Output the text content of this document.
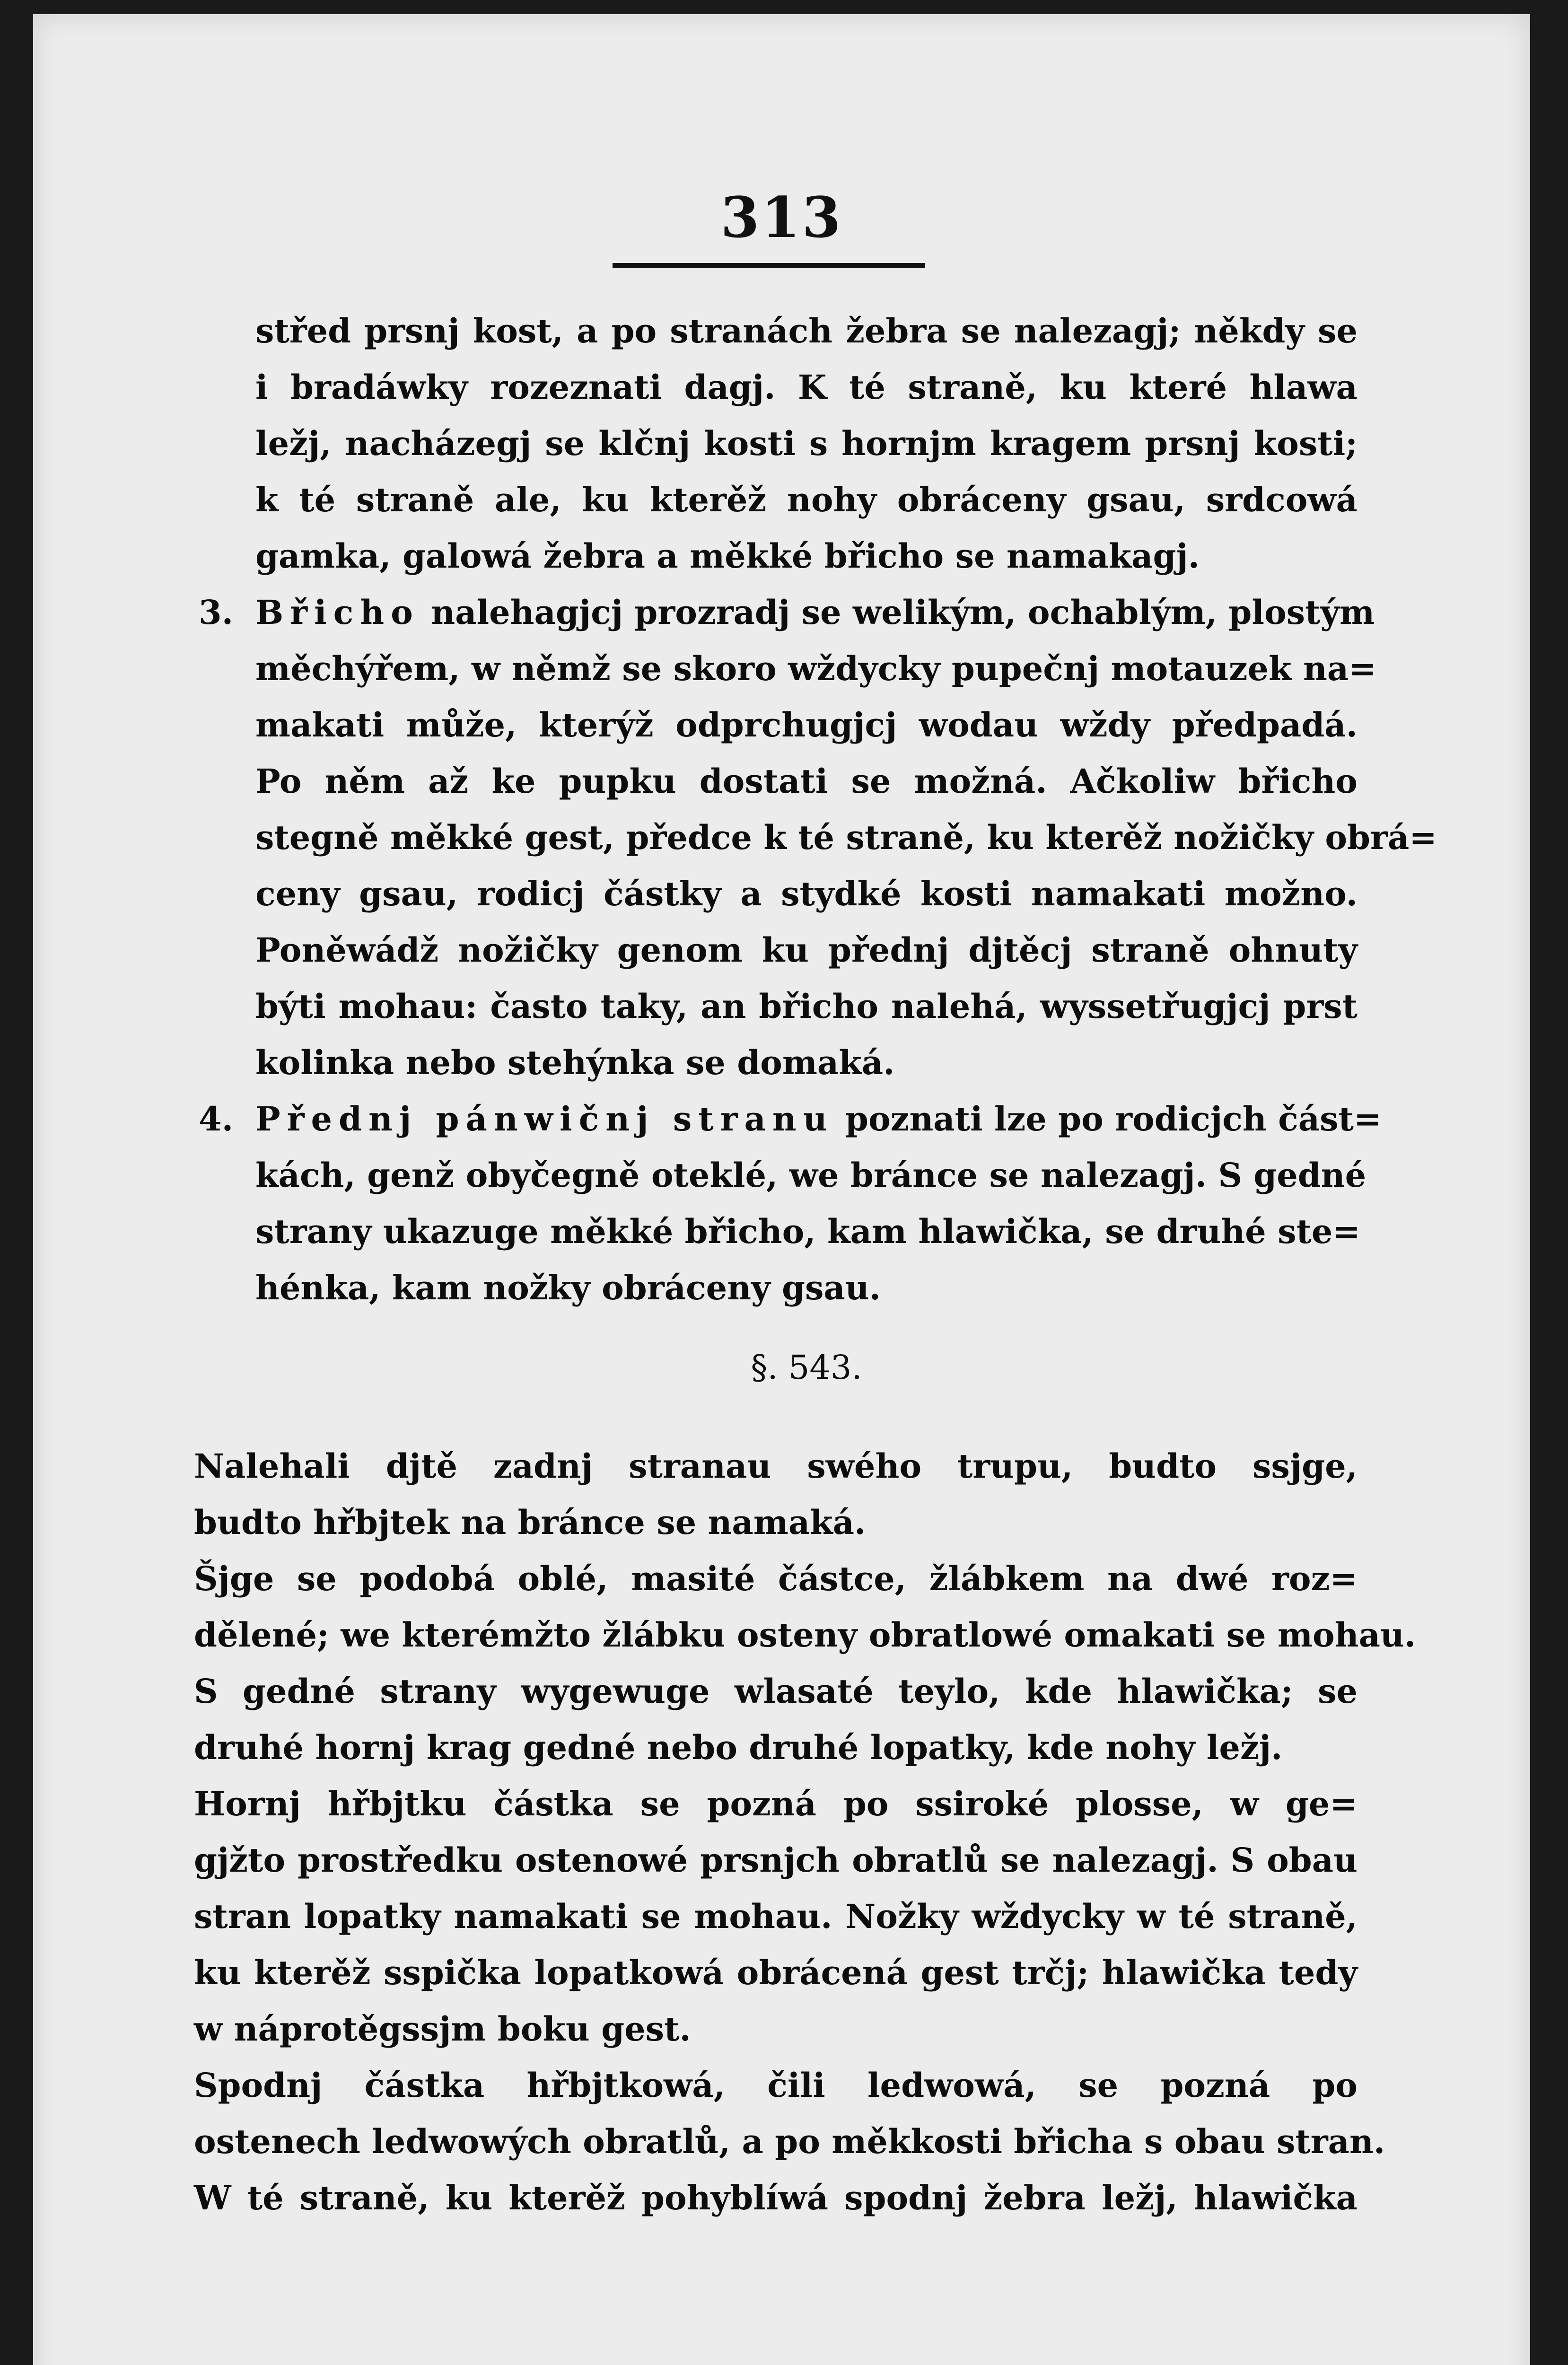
313
střed prsnj kost, a po stranách žebra se nalezagj; někdy se
i bradáwky rozeznati dagj. K té straně, ku které hlawa
ležj, nacházegj se klčnj kosti s hornjm kragem prsnj kosti;
k té straně ale, ku kterěž nohy obráceny gsau, srdcowá
gamka, galowá žebra a měkké břicho se namakagj.
3. Břicho nalehagjcj prozradj se welikým, ochablým, plostým
měchýřem, w němž se skoro wždycky pupečnj motauzek na=
makati může, kterýž odprchugjcj wodau wždy předpadá.
Po něm až ke pupku dostati se možná. Ačkoliw břicho
stegně měkké gest, předce k té straně, ku kterěž nožičky obrá=
ceny gsau, rodicj částky a stydké kosti namakati možno.
Poněwádž nožičky genom ku přednj djtěcj straně ohnuty
býti mohau: často taky, an břicho nalehá, wyssetřugjcj prst
kolinka nebo stehýnka se domaká.
4. Přednj pánwičnj stranu poznati lze po rodicjch část=
kách, genž obyčegně oteklé, we bránce se nalezagj. S gedné
strany ukazuge měkké břicho, kam hlawička, se druhé ste=
hénka, kam nožky obráceny gsau.
§. 543.
Nalehali djtě zadnj stranau swého trupu, budto ssjge,
budto hřbjtek na bránce se namaká.
Šjge se podobá oblé, masité částce, žlábkem na dwé roz=
dělené; we kterémžto žlábku osteny obratlowé omakati se mohau.
S gedné strany wygewuge wlasaté teylo, kde hlawička; se
druhé hornj krag gedné nebo druhé lopatky, kde nohy ležj.
Hornj hřbjtku částka se pozná po ssiroké plosse, w ge=
gjžto prostředku ostenowé prsnjch obratlů se nalezagj. S obau
stran lopatky namakati se mohau. Nožky wždycky w té straně,
ku kterěž sspička lopatkowá obrácená gest trčj; hlawička tedy
w náprotěgssjm boku gest.
Spodnj částka hřbjtkowá, čili ledwowá, se pozná po
ostenech ledwowých obratlů, a po měkkosti břicha s obau stran.
W té straně, ku kterěž pohyblíwá spodnj žebra ležj, hlawička
